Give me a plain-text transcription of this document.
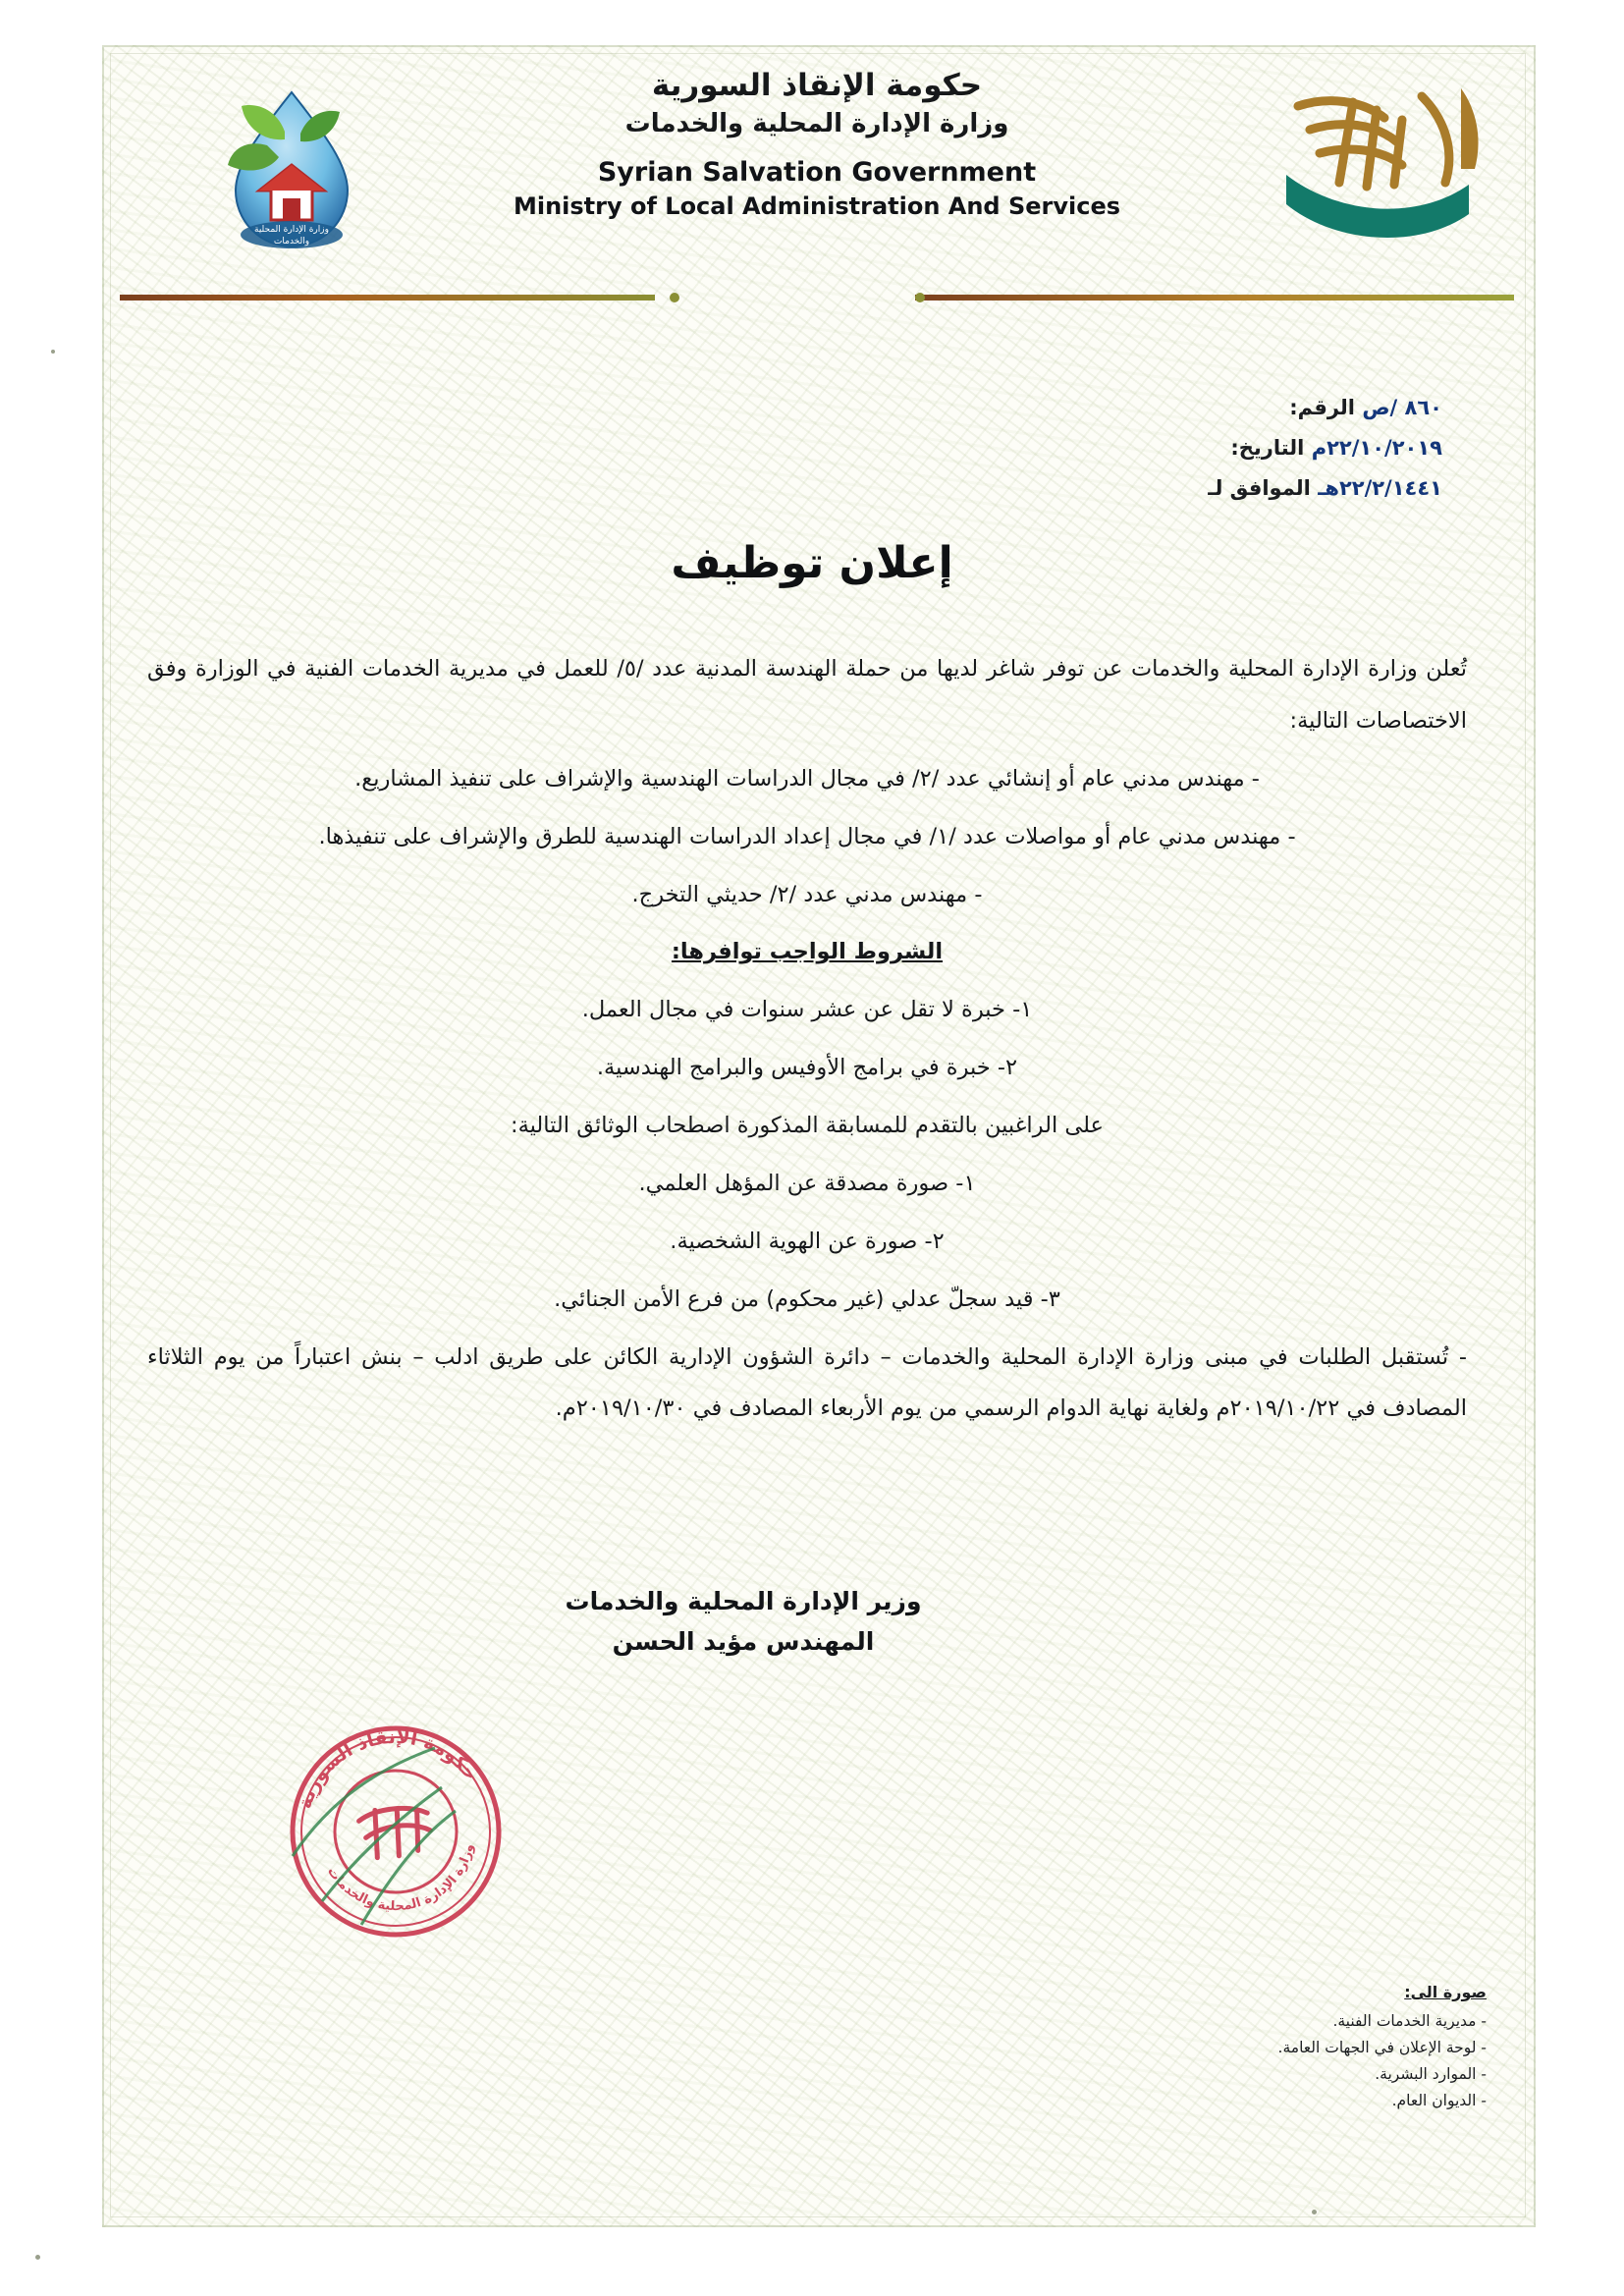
وزارة الإدارة المحلية
والخدمات
حكومة الإنقاذ السورية
وزارة الإدارة المحلية والخدمات
Syrian Salvation Government
Ministry of Local Administration And Services
٨٦٠ /ص الرقم:
٢٢/١٠/٢٠١٩م التاريخ:
٢٢/٢/١٤٤١هـ الموافق لـ
إعلان توظيف

تُعلن وزارة الإدارة المحلية والخدمات عن توفر شاغر لديها من حملة الهندسة المدنية عدد /٥/ للعمل في مديرية الخدمات الفنية في الوزارة وفق الاختصاصات التالية:

- مهندس مدني عام أو إنشائي عدد /٢/ في مجال الدراسات الهندسية والإشراف على تنفيذ المشاريع.

- مهندس مدني عام أو مواصلات عدد /١/ في مجال إعداد الدراسات الهندسية للطرق والإشراف على تنفيذها.

- مهندس مدني عدد /٢/ حديثي التخرج.

الشروط الواجب توافرها:

١- خبرة لا تقل عن عشر سنوات في مجال العمل.

٢- خبرة في برامج الأوفيس والبرامج الهندسية.

على الراغبين بالتقدم للمسابقة المذكورة اصطحاب الوثائق التالية:

١- صورة مصدقة عن المؤهل العلمي.

٢- صورة عن الهوية الشخصية.

٣- قيد سجلّ عدلي (غير محكوم) من فرع الأمن الجنائي.

- تُستقبل الطلبات في مبنى وزارة الإدارة المحلية والخدمات – دائرة الشؤون الإدارية الكائن على طريق ادلب – بنش اعتباراً من يوم الثلاثاء المصادف في ٢٠١٩/١٠/٢٢م ولغاية نهاية الدوام الرسمي من يوم الأربعاء المصادف في ٢٠١٩/١٠/٣٠م.

وزير الإدارة المحلية والخدمات
المهندس مؤيد الحسن
حكومة الإنقاذ السورية
وزارة الإدارة المحلية والخدمات
صورة الى:
- مديرية الخدمات الفنية.
- لوحة الإعلان في الجهات العامة.
- الموارد البشرية.
- الديوان العام.
